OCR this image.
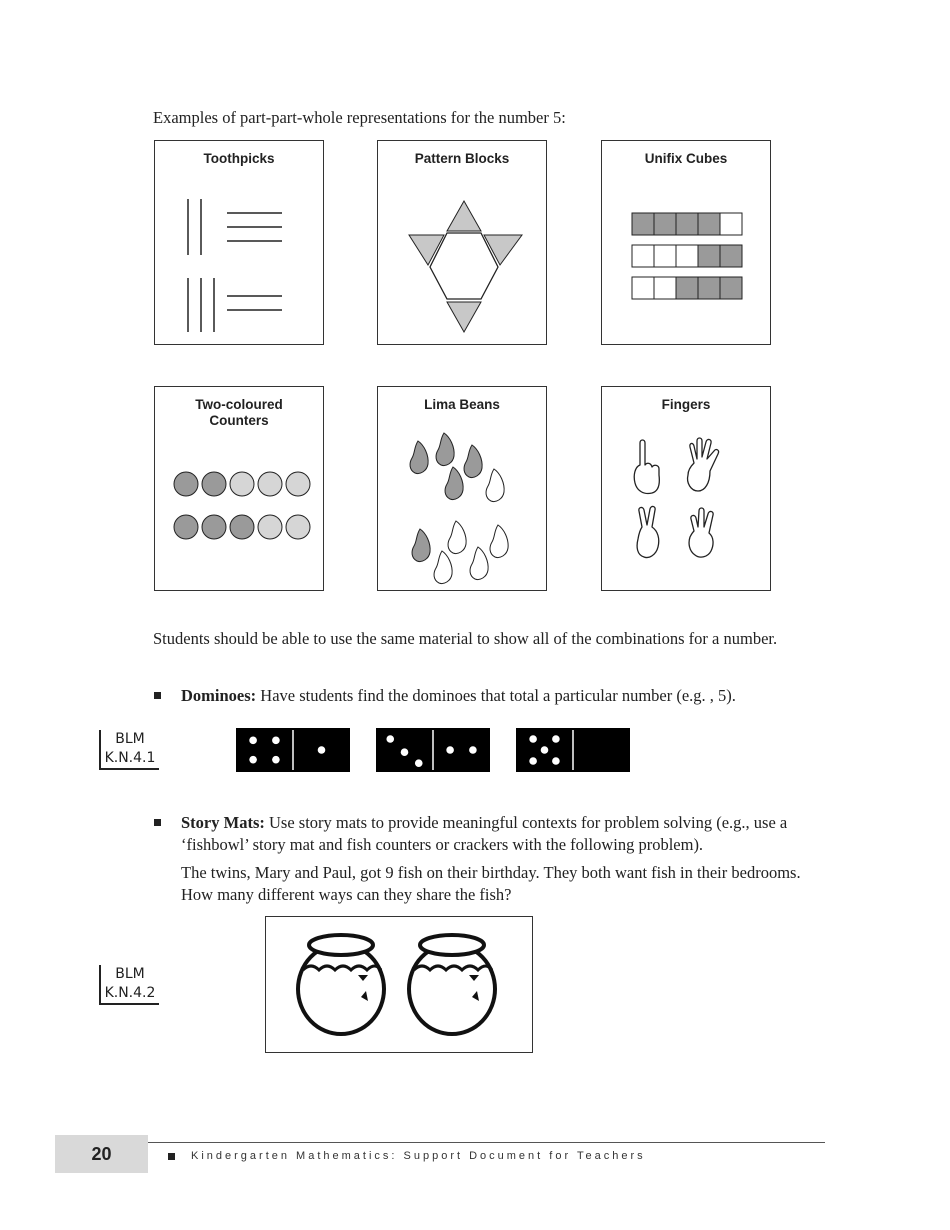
Examples of part-part-whole representations for the number 5:
Toothpicks	Pattern Blocks	Unifix Cubes
Two-coloured
Counters
Lima Beans	Fingers
Students should be able to use the same material to show all of the combinations for a number.
Dominoes: Have students find the dominoes that total a particular number (e.g. , 5).
BLM
K.N.4.1
Story Mats: Use story mats to provide meaningful contexts for problem solving (e.g., use a ‘fishbowl’ story mat and fish counters or crackers with the following problem).
The twins, Mary and Paul, got 9 fish on their birthday. They both want fish in their bedrooms. How many different ways can they share the fish?
BLM
K.N.4.2
20	Kindergarten Mathematics: Support Document for Teachers
